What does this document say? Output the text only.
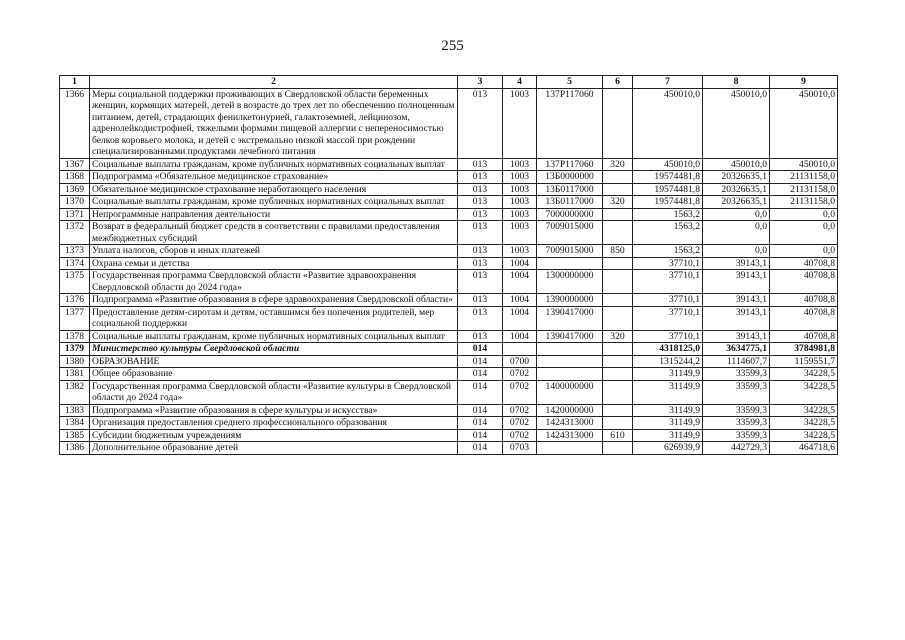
255
1	2	3	4	5	6	7	8	9
1366	Меры социальной поддержки проживающих в Свердловской области беременных женщин, кормящих матерей, детей в возрасте до трех лет по обеспечению полноценным питанием, детей, страдающих фенилкетонурией, галактоземией, лейцинозом, адренолейкодистрофией, тяжелыми формами пищевой аллергии с непереносимостью белков коровьего молока, и детей с экстремально низкой массой при рождении специализированными продуктами лечебного питания	013	1003	137P117060		450010,0	450010,0	450010,0
1367	Социальные выплаты гражданам, кроме публичных нормативных социальных выплат	013	1003	137P117060	320	450010,0	450010,0	450010,0
1368	Подпрограмма «Обязательное медицинское страхование»	013	1003	13Б0000000		19574481,8	20326635,1	21131158,0
1369	Обязательное медицинское страхование неработающего населения	013	1003	13Б0117000		19574481,8	20326635,1	21131158,0
1370	Социальные выплаты гражданам, кроме публичных нормативных социальных выплат	013	1003	13Б0117000	320	19574481,8	20326635,1	21131158,0
1371	Непрограммные направления деятельности	013	1003	7000000000		1563,2	0,0	0,0
1372	Возврат в федеральный бюджет средств в соответствии с правилами предоставления межбюджетных субсидий	013	1003	7009015000		1563,2	0,0	0,0
1373	Уплата налогов, сборов и иных платежей	013	1003	7009015000	850	1563,2	0,0	0,0
1374	Охрана семьи и детства	013	1004			37710,1	39143,1	40708,8
1375	Государственная программа Свердловской области «Развитие здравоохранения Свердловской области до 2024 года»	013	1004	1300000000		37710,1	39143,1	40708,8
1376	Подпрограмма «Развитие образования в сфере здравоохранения Свердловской области»	013	1004	1390000000		37710,1	39143,1	40708,8
1377	Предоставление детям-сиротам и детям, оставшимся без попечения родителей, мер социальной поддержки	013	1004	1390417000		37710,1	39143,1	40708,8
1378	Социальные выплаты гражданам, кроме публичных нормативных социальных выплат	013	1004	1390417000	320	37710,1	39143,1	40708,8
1379	Министерство культуры Свердловской области	014				4318125,0	3634775,1	3784981,8
1380	ОБРАЗОВАНИЕ	014	0700			1315244,2	1114607,7	1159551,7
1381	Общее образование	014	0702			31149,9	33599,3	34228,5
1382	Государственная программа Свердловской области «Развитие культуры в Свердловской области до 2024 года»	014	0702	1400000000		31149,9	33599,3	34228,5
1383	Подпрограмма «Развитие образования в сфере культуры и искусства»	014	0702	1420000000		31149,9	33599,3	34228,5
1384	Организация предоставления среднего профессионального образования	014	0702	1424313000		31149,9	33599,3	34228,5
1385	Субсидии бюджетным учреждениям	014	0702	1424313000	610	31149,9	33599,3	34228,5
1386	Дополнительное образование детей	014	0703			626939,9	442729,3	464718,6
